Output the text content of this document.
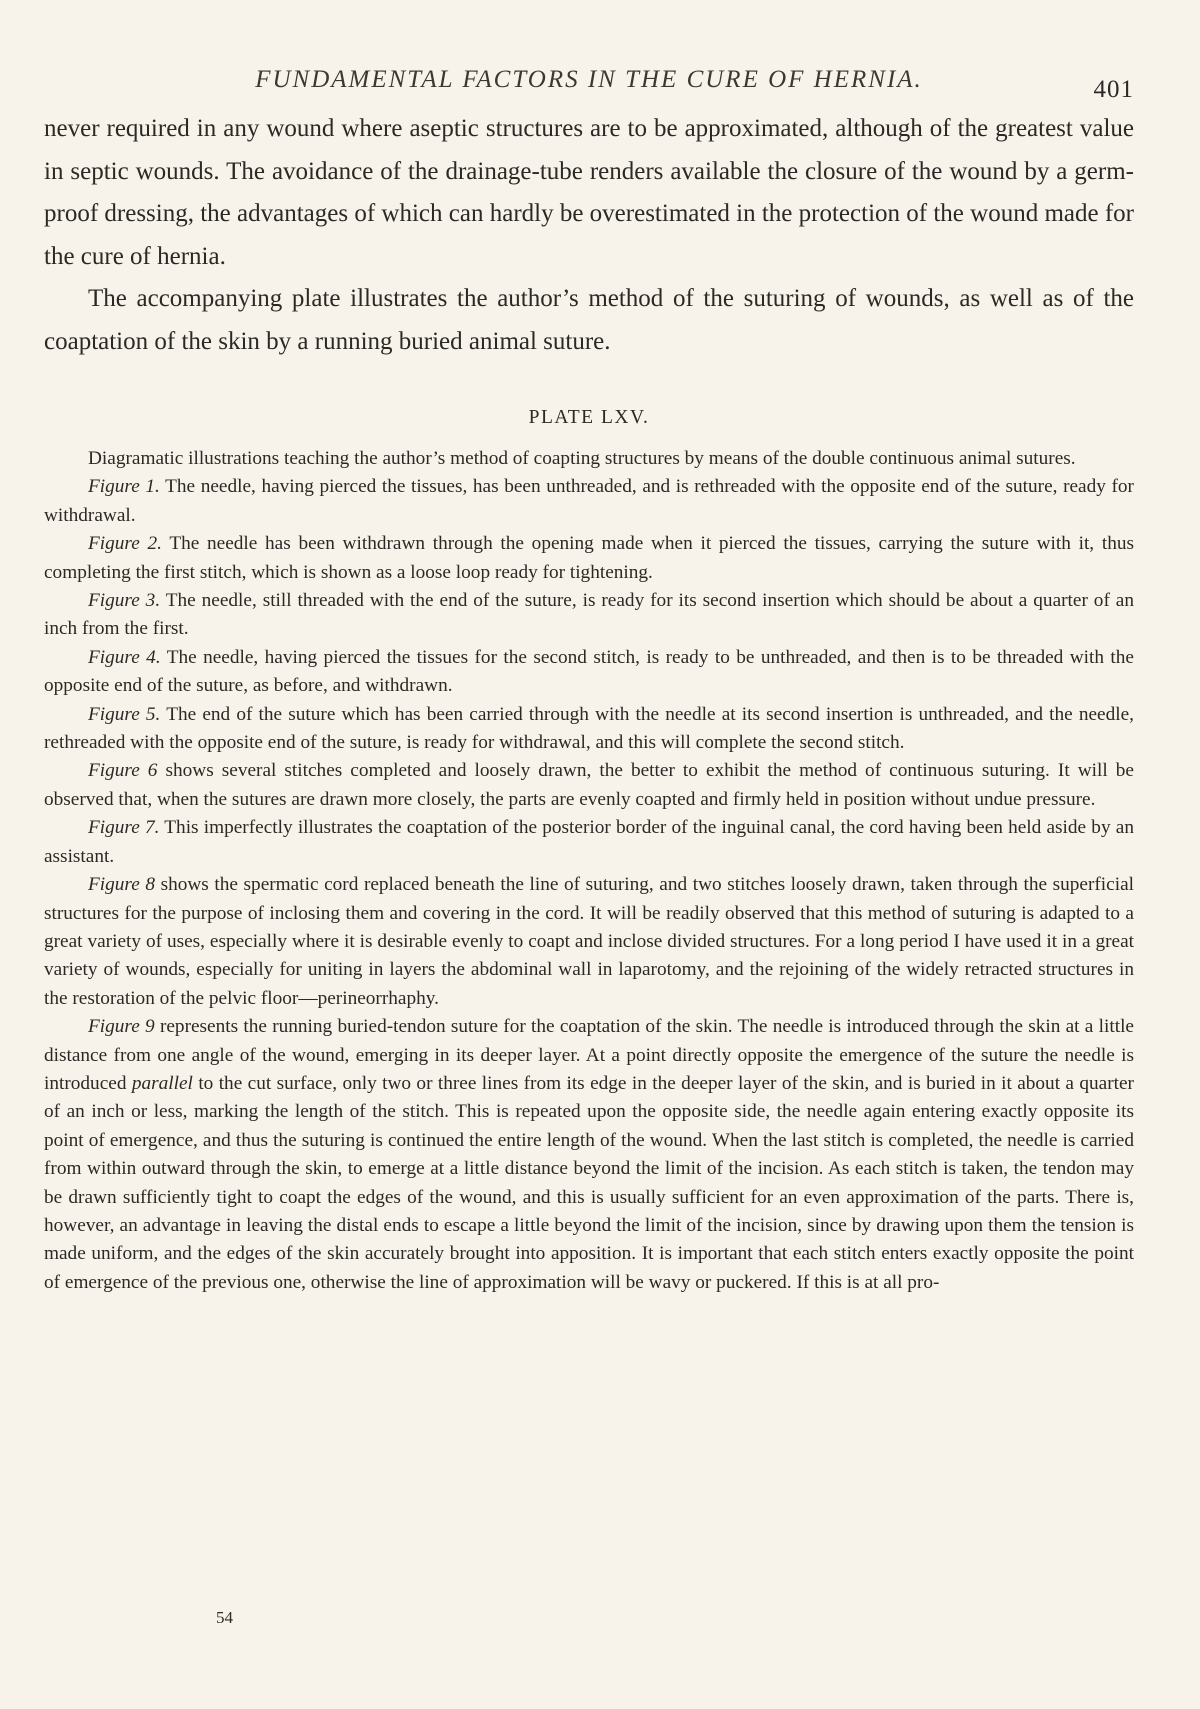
FUNDAMENTAL FACTORS IN THE CURE OF HERNIA.	401

never required in any wound where aseptic structures are to be approximated, although of the greatest value in septic wounds. The avoidance of the drainage-tube renders available the closure of the wound by a germ-proof dressing, the advantages of which can hardly be overestimated in the protection of the wound made for the cure of hernia.

The accompanying plate illustrates the author’s method of the suturing of wounds, as well as of the coaptation of the skin by a running buried animal suture.

PLATE LXV.

Diagramatic illustrations teaching the author’s method of coapting structures by means of the double continuous animal sutures.

Figure 1. The needle, having pierced the tissues, has been unthreaded, and is rethreaded with the opposite end of the suture, ready for withdrawal.

Figure 2. The needle has been withdrawn through the opening made when it pierced the tissues, carrying the suture with it, thus completing the first stitch, which is shown as a loose loop ready for tightening.

Figure 3. The needle, still threaded with the end of the suture, is ready for its second insertion which should be about a quarter of an inch from the first.

Figure 4. The needle, having pierced the tissues for the second stitch, is ready to be unthreaded, and then is to be threaded with the opposite end of the suture, as before, and withdrawn.

Figure 5. The end of the suture which has been carried through with the needle at its second insertion is unthreaded, and the needle, rethreaded with the opposite end of the suture, is ready for withdrawal, and this will complete the second stitch.

Figure 6 shows several stitches completed and loosely drawn, the better to exhibit the method of continuous suturing. It will be observed that, when the sutures are drawn more closely, the parts are evenly coapted and firmly held in position without undue pressure.

Figure 7. This imperfectly illustrates the coaptation of the posterior border of the inguinal canal, the cord having been held aside by an assistant.

Figure 8 shows the spermatic cord replaced beneath the line of suturing, and two stitches loosely drawn, taken through the superficial structures for the purpose of inclosing them and covering in the cord. It will be readily observed that this method of suturing is adapted to a great variety of uses, especially where it is desirable evenly to coapt and inclose divided structures. For a long period I have used it in a great variety of wounds, especially for uniting in layers the abdominal wall in laparotomy, and the rejoining of the widely retracted structures in the restoration of the pelvic floor—perineorrhaphy.

Figure 9 represents the running buried-tendon suture for the coaptation of the skin. The needle is introduced through the skin at a little distance from one angle of the wound, emerging in its deeper layer. At a point directly opposite the emergence of the suture the needle is introduced parallel to the cut surface, only two or three lines from its edge in the deeper layer of the skin, and is buried in it about a quarter of an inch or less, marking the length of the stitch. This is repeated upon the opposite side, the needle again entering exactly opposite its point of emergence, and thus the suturing is continued the entire length of the wound. When the last stitch is completed, the needle is carried from within outward through the skin, to emerge at a little distance beyond the limit of the incision. As each stitch is taken, the tendon may be drawn sufficiently tight to coapt the edges of the wound, and this is usually sufficient for an even approximation of the parts. There is, however, an advantage in leaving the distal ends to escape a little beyond the limit of the incision, since by drawing upon them the tension is made uniform, and the edges of the skin accurately brought into apposition. It is important that each stitch enters exactly opposite the point of emergence of the previous one, otherwise the line of approximation will be wavy or puckered. If this is at all pro-

54
